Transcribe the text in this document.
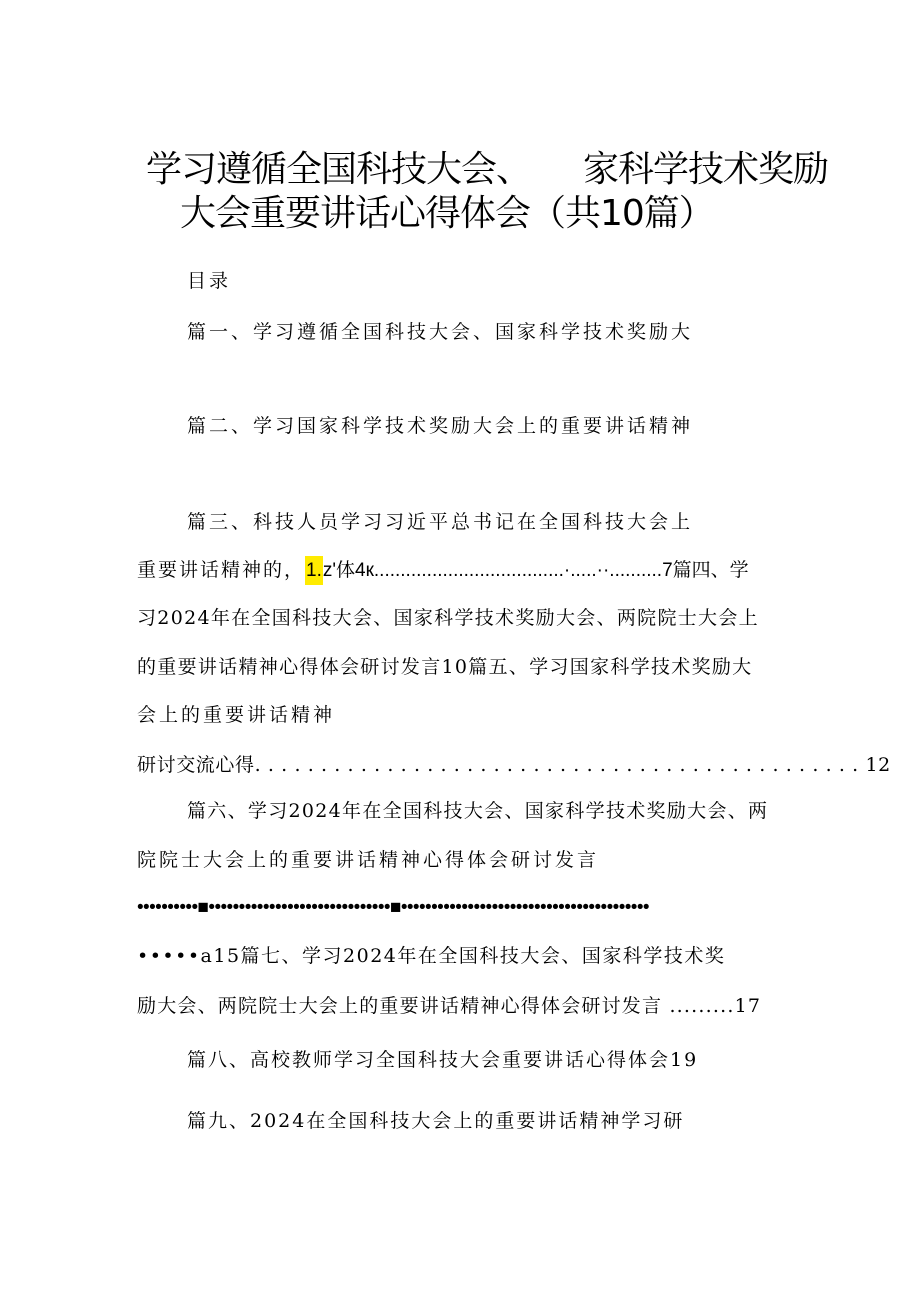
学习遵循全国科技大会、　　家科学技术奖励
大会重要讲话心得体会（共10篇）
目录
篇一、学习遵循全国科技大会、国家科学技术奖励大
篇二、学习国家科学技术奖励大会上的重要讲话精神
篇三、科技人员学习习近平总书记在全国科技大会上
重要讲话精神的，1.z'体4к....................................·.....··..........7篇四、学
习2024年在全国科技大会、国家科学技术奖励大会、两院院士大会上
的重要讲话精神心得体会研讨发言10篇五、学习国家科学技术奖励大
会上的重要讲话精神
研讨交流心得. . . . . . . . . . . . . . . . . . . . . . . . . . . . . . . . . . . . . . . . . . . . . . 12
篇六、学习2024年在全国科技大会、国家科学技术奖励大会、两
院院士大会上的重要讲话精神心得体会研讨发言
••••••••••■••••••••••••••••••••••••••••••■•••••••••••••••••••••••••••••••••••••••••
•••••a15篇七、学习2024年在全国科技大会、国家科学技术奖
励大会、两院院士大会上的重要讲话精神心得体会研讨发言 .........17
篇八、高校教师学习全国科技大会重要讲话心得体会19
篇九、2024在全国科技大会上的重要讲话精神学习研
